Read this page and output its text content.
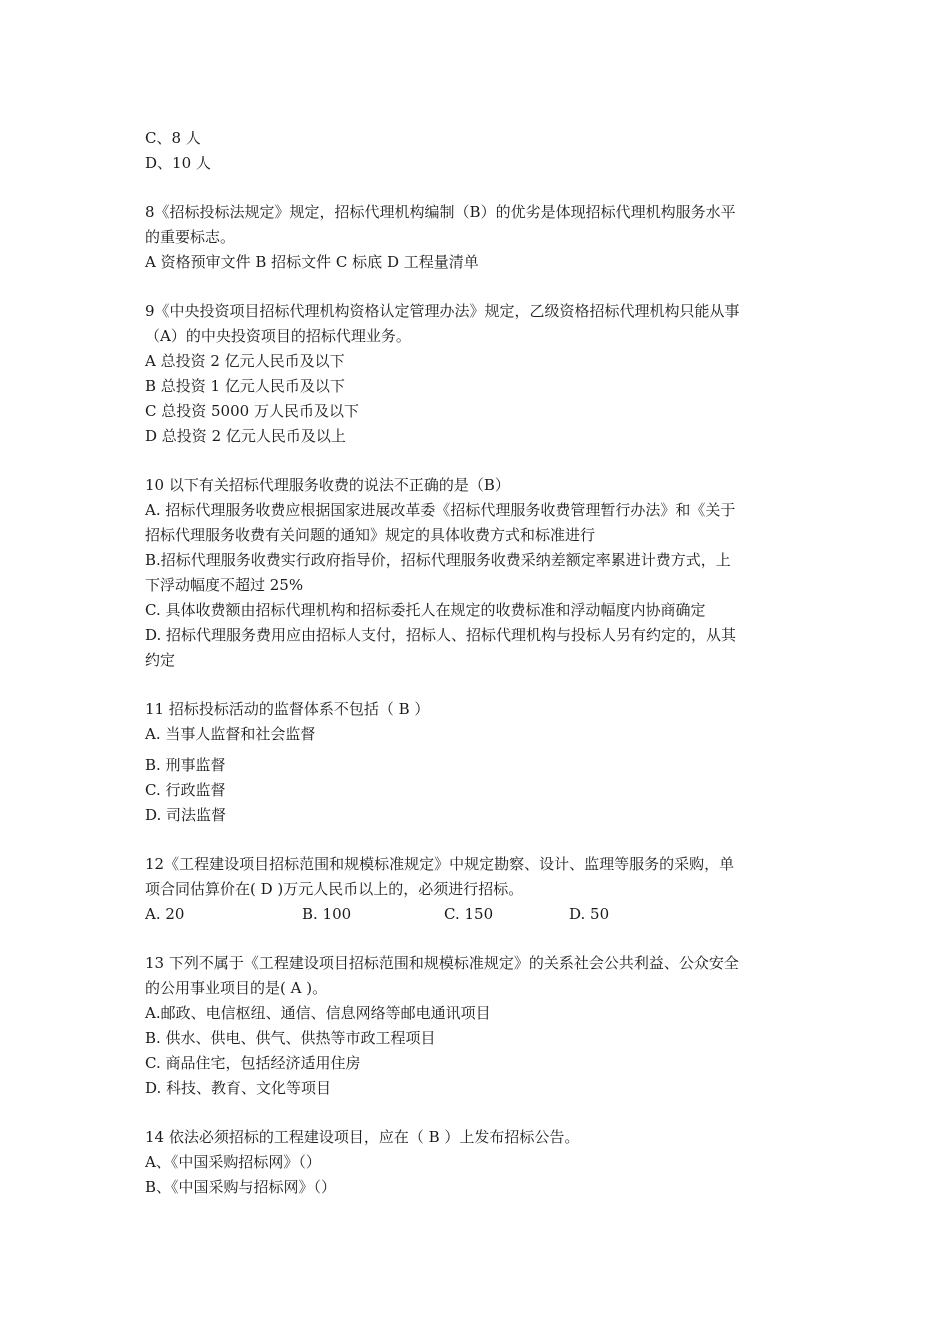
C、8 人
D、10 人
8《招标投标法规定》规定，招标代理机构编制（B）的优劣是体现招标代理机构服务水平
的重要标志。
A 资格预审文件 B 招标文件 C 标底 D 工程量清单
9《中央投资项目招标代理机构资格认定管理办法》规定，乙级资格招标代理机构只能从事
（A）的中央投资项目的招标代理业务。
A 总投资 2 亿元人民币及以下
B 总投资 1 亿元人民币及以下
C 总投资 5000 万人民币及以下
D 总投资 2 亿元人民币及以上
10 以下有关招标代理服务收费的说法不正确的是（B）
A. 招标代理服务收费应根据国家进展改革委《招标代理服务收费管理暂行办法》和《关于
招标代理服务收费有关问题的通知》规定的具体收费方式和标准进行
B.招标代理服务收费实行政府指导价，招标代理服务收费采纳差额定率累进计费方式，上
下浮动幅度不超过 25%
C. 具体收费额由招标代理机构和招标委托人在规定的收费标准和浮动幅度内协商确定
D. 招标代理服务费用应由招标人支付，招标人、招标代理机构与投标人另有约定的，从其
约定
11 招标投标活动的监督体系不包括（ B ）
A. 当事人监督和社会监督
B. 刑事监督
C. 行政监督
D. 司法监督
12《工程建设项目招标范围和规模标准规定》中规定勘察、设计、监理等服务的采购，单
项合同估算价在( D )万元人民币以上的，必须进行招标。
A. 20	B. 100	C. 150	D. 50
13 下列不属于《工程建设项目招标范围和规模标准规定》的关系社会公共利益、公众安全
的公用事业项目的是( A )。
A.邮政、电信枢纽、通信、信息网络等邮电通讯项目
B. 供水、供电、供气、供热等市政工程项目
C. 商品住宅，包括经济适用住房
D. 科技、教育、文化等项目
14 依法必须招标的工程建设项目，应在（ B ）上发布招标公告。
A、《中国采购招标网》（）
B、《中国采购与招标网》（）
